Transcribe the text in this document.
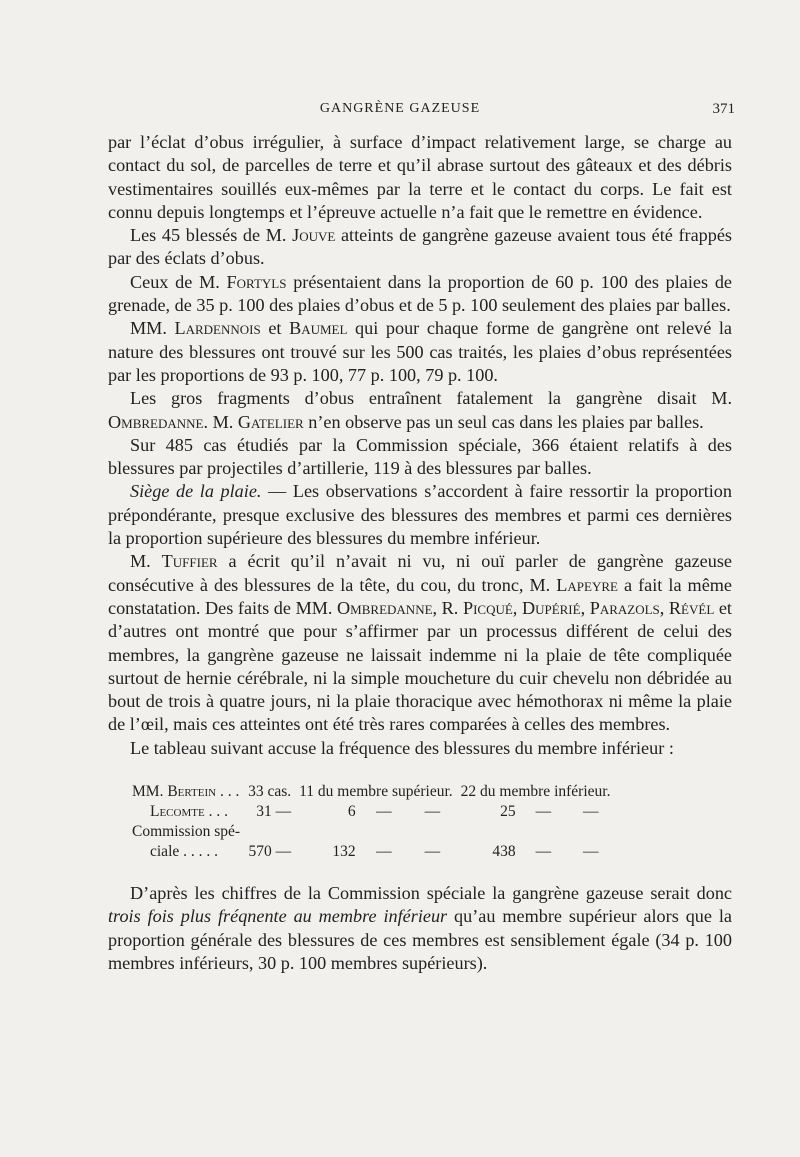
GANGRÈNE GAZEUSE	371

par l’éclat d’obus irrégulier, à surface d’impact relativement large, se charge au contact du sol, de parcelles de terre et qu’il abrase surtout des gâteaux et des débris vestimentaires souillés eux-mêmes par la terre et le contact du corps. Le fait est connu depuis longtemps et l’épreuve actuelle n’a fait que le remettre en évidence.

Les 45 blessés de M. Jouve atteints de gangrène gazeuse avaient tous été frappés par des éclats d’obus.

Ceux de M. Fortyls présentaient dans la proportion de 60 p. 100 des plaies de grenade, de 35 p. 100 des plaies d’obus et de 5 p. 100 seulement des plaies par balles.

MM. Lardennois et Baumel qui pour chaque forme de gangrène ont relevé la nature des blessures ont trouvé sur les 500 cas traités, les plaies d’obus représentées par les proportions de 93 p. 100, 77 p. 100, 79 p. 100.

Les gros fragments d’obus entraînent fatalement la gangrène disait M. Ombredanne. M. Gatelier n’en observe pas un seul cas dans les plaies par balles.

Sur 485 cas étudiés par la Commission spéciale, 366 étaient relatifs à des blessures par projectiles d’artillerie, 119 à des blessures par balles.

Siège de la plaie. — Les observations s’accordent à faire ressortir la proportion prépondérante, presque exclusive des blessures des membres et parmi ces dernières la proportion supérieure des blessures du membre inférieur.

M. Tuffier a écrit qu’il n’avait ni vu, ni ouï parler de gangrène gazeuse consécutive à des blessures de la tête, du cou, du tronc, M. Lapeyre a fait la même constatation. Des faits de MM. Ombredanne, R. Picqué, Dupérié, Parazols, Révél et d’autres ont montré que pour s’affirmer par un processus différent de celui des membres, la gangrène gazeuse ne laissait indemme ni la plaie de tête compliquée surtout de hernie cérébrale, ni la simple moucheture du cuir chevelu non débridée au bout de trois à quatre jours, ni la plaie thoracique avec hémothorax ni même la plaie de l’œil, mais ces atteintes ont été très rares comparées à celles des membres.

Le tableau suivant accuse la fréquence des blessures du membre inférieur :

MM. Bertein . . .	33 cas.	11 du membre supérieur.			22 du membre inférieur.		
Lecomte . . .	31 —	6	—	—	25	—	—
Commission spé-
ciale . . . . .	570 —	132	—	—	438	—	—

D’après les chiffres de la Commission spéciale la gangrène gazeuse serait donc trois fois plus fréqnente au membre inférieur qu’au membre supérieur alors que la proportion générale des blessures de ces membres est sensiblement égale (34 p. 100 membres inférieurs, 30 p. 100 membres supérieurs).
